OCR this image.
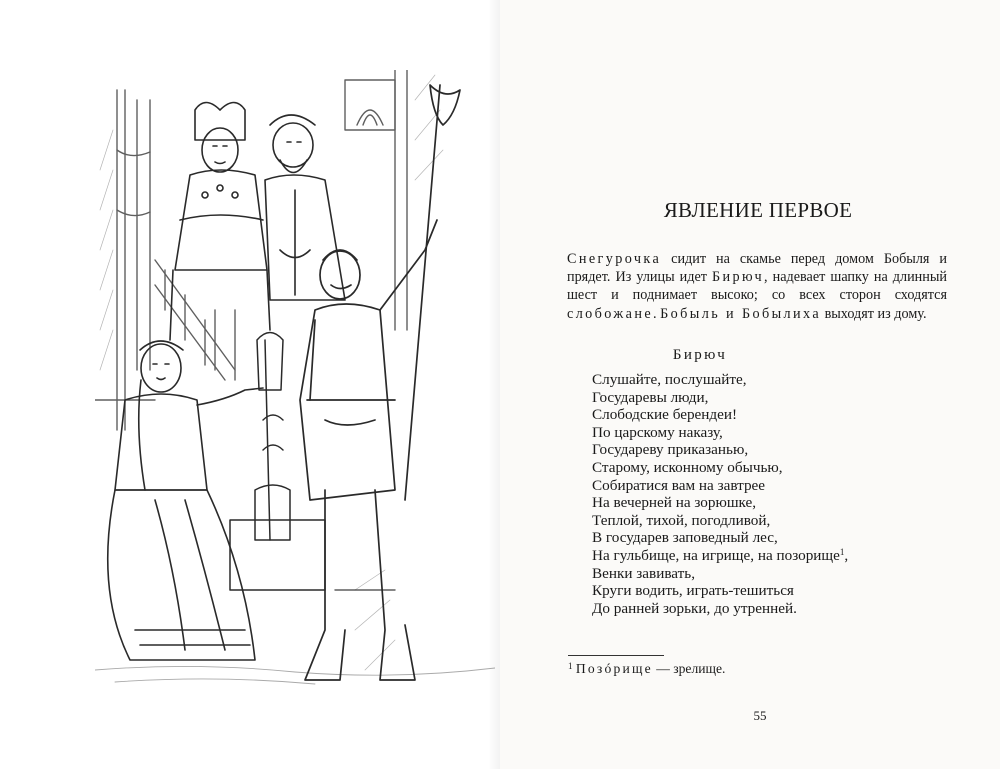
ЯВЛЕНИЕ ПЕРВОЕ
Снегурочка сидит на скамье перед домом Бобыля и прядет. Из улицы идет Бирюч, надевает шапку на длинный шест и поднимает высоко; со всех сторон сходятся слобожане. Бобыль и Бобылиха выходят из дому.
Бирюч
Слушайте, послушайте,
Государевы люди,
Слободские берендеи!
По царскому наказу,
Государеву приказанью,
Старому, исконному обычью,
Собиратися вам на завтрее
На вечерней на зорюшке,
Теплой, тихой, погодливой,
В государев заповедный лес,
На гульбище, на игрище, на позорище$^1$,
Венки завивать,
Круги водить, играть-тешиться
До ранней зорьки, до утренней.
$^1$ Позóрище — зрелище.
55
